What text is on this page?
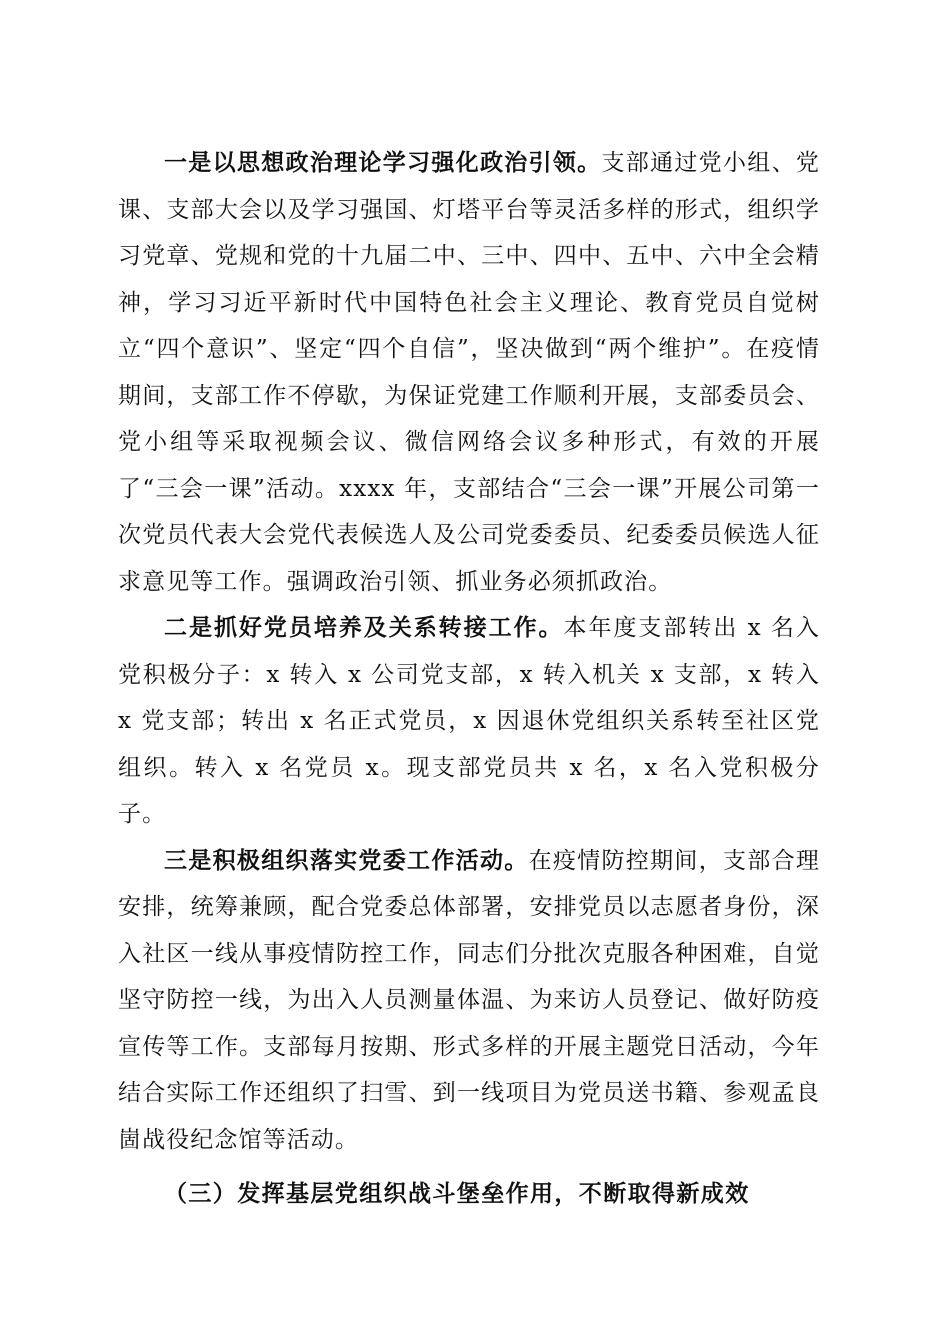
一是以思想政治理论学习强化政治引领。支部通过党小组、党课、支部大会以及学习强国、灯塔平台等灵活多样的形式，组织学习党章、党规和党的十九届二中、三中、四中、五中、六中全会精神，学习习近平新时代中国特色社会主义理论、教育党员自觉树立“四个意识”、坚定“四个自信”，坚决做到“两个维护”。在疫情期间，支部工作不停歇，为保证党建工作顺利开展，支部委员会、党小组等采取视频会议、微信网络会议多种形式，有效的开展了“三会一课”活动。xxxx 年，支部结合“三会一课”开展公司第一次党员代表大会党代表候选人及公司党委委员、纪委委员候选人征求意见等工作。强调政治引领、抓业务必须抓政治。

二是抓好党员培养及关系转接工作。本年度支部转出 x 名入党积极分子：x 转入 x 公司党支部，x 转入机关 x 支部，x 转入 x 党支部；转出 x 名正式党员，x 因退休党组织关系转至社区党组织。转入 x 名党员 x。现支部党员共 x 名，x 名入党积极分子。

三是积极组织落实党委工作活动。在疫情防控期间，支部合理安排，统筹兼顾，配合党委总体部署，安排党员以志愿者身份，深入社区一线从事疫情防控工作，同志们分批次克服各种困难，自觉坚守防控一线，为出入人员测量体温、为来访人员登记、做好防疫宣传等工作。支部每月按期、形式多样的开展主题党日活动，今年结合实际工作还组织了扫雪、到一线项目为党员送书籍、参观孟良崮战役纪念馆等活动。

（三）发挥基层党组织战斗堡垒作用，不断取得新成效
